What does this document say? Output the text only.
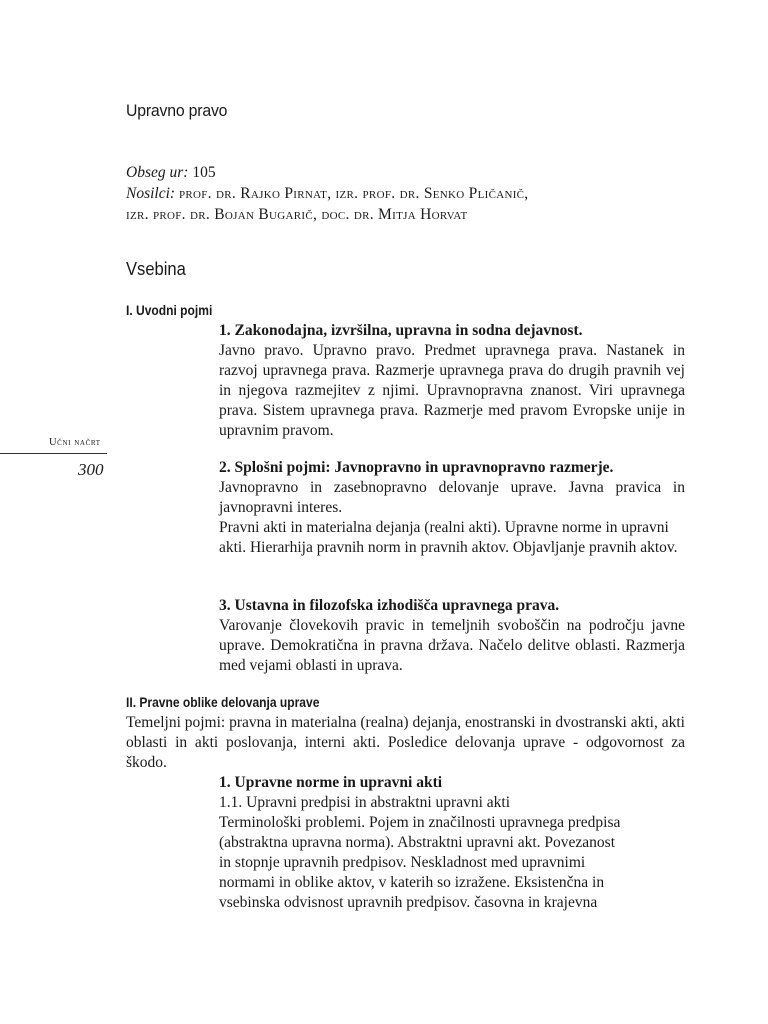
Upravno pravo
Obseg ur: 105
Nosilci: prof. dr. Rajko Pirnat, izr. prof. dr. Senko Pličanič,
izr. prof. dr. Bojan Bugarič, doc. dr. Mitja Horvat
Vsebina
Učni načrt
300
I. Uvodni pojmi

1. Zakonodajna, izvršilna, upravna in sodna dejavnost.

Javno pravo. Upravno pravo. Predmet upravnega prava. Nastanek in razvoj upravnega prava. Razmerje upravnega prava do drugih pravnih vej in njegova razmejitev z njimi. Upravnopravna znanost. Viri upravnega prava. Sistem upravnega prava. Razmerje med pravom Evropske unije in upravnim pravom.

2. Splošni pojmi: Javnopravno in upravnopravno razmerje.

Javnopravno in zasebnopravno delovanje uprave. Javna pravica in javnopravni interes.

Pravni akti in materialna dejanja (realni akti). Upravne norme in upravni akti. Hierarhija pravnih norm in pravnih aktov. Objavljanje pravnih aktov.

3. Ustavna in filozofska izhodišča upravnega prava.

Varovanje človekovih pravic in temeljnih svoboščin na področju javne uprave. Demokratična in pravna država. Načelo delitve oblasti. Razmerja med vejami oblasti in uprava.

II. Pravne oblike delovanja uprave

Temeljni pojmi: pravna in materialna (realna) dejanja, enostranski in dvostranski akti, akti oblasti in akti poslovanja, interni akti. Posledice delovanja uprave - odgovornost za škodo.

1. Upravne norme in upravni akti

1.1. Upravni predpisi in abstraktni upravni akti

Terminološki problemi. Pojem in značilnosti upravnega predpisa

(abstraktna upravna norma). Abstraktni upravni akt. Povezanost

in stopnje upravnih predpisov. Neskladnost med upravnimi

normami in oblike aktov, v katerih so izražene. Eksistenčna in

vsebinska odvisnost upravnih predpisov. časovna in krajevna
